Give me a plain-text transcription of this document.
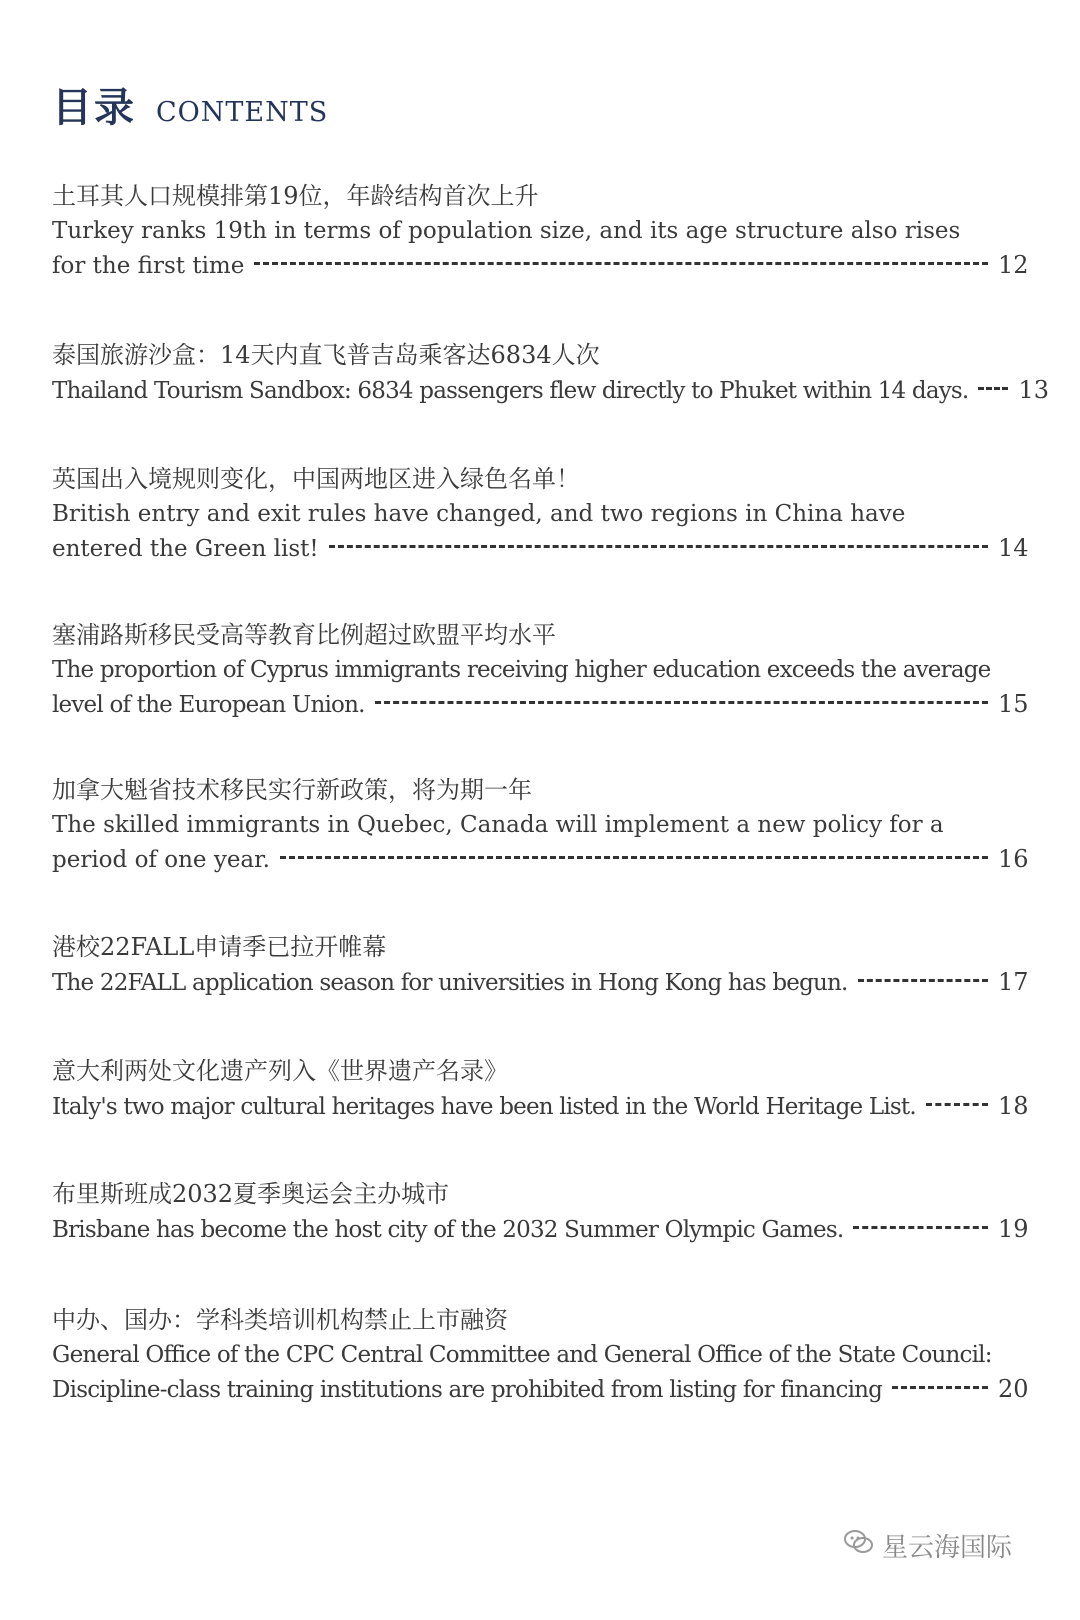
目录 CONTENTS
土耳其人口规模排第19位，年龄结构首次上升
Turkey ranks 19th in terms of population size, and its age structure also rises
for the first time	12
泰国旅游沙盒：14天内直飞普吉岛乘客达6834人次
Thailand Tourism Sandbox: 6834 passengers flew directly to Phuket within 14 days. 13
英国出入境规则变化，中国两地区进入绿色名单！
British entry and exit rules have changed, and two regions in China have
entered the Green list!	14
塞浦路斯移民受高等教育比例超过欧盟平均水平
The proportion of Cyprus immigrants receiving higher education exceeds the average
level of the European Union.	15
加拿大魁省技术移民实行新政策，将为期一年
The skilled immigrants in Quebec, Canada will implement a new policy for a
period of one year.	16
港校22FALL申请季已拉开帷幕
The 22FALL application season for universities in Hong Kong has begun.	17
意大利两处文化遗产列入《世界遗产名录》
Italy's two major cultural heritages have been listed in the World Heritage List.	18
布里斯班成2032夏季奥运会主办城市
Brisbane has become the host city of the 2032 Summer Olympic Games.	19
中办、国办：学科类培训机构禁止上市融资
General Office of the CPC Central Committee and General Office of the State Council:
Discipline-class training institutions are prohibited from listing for financing	20
星云海国际
